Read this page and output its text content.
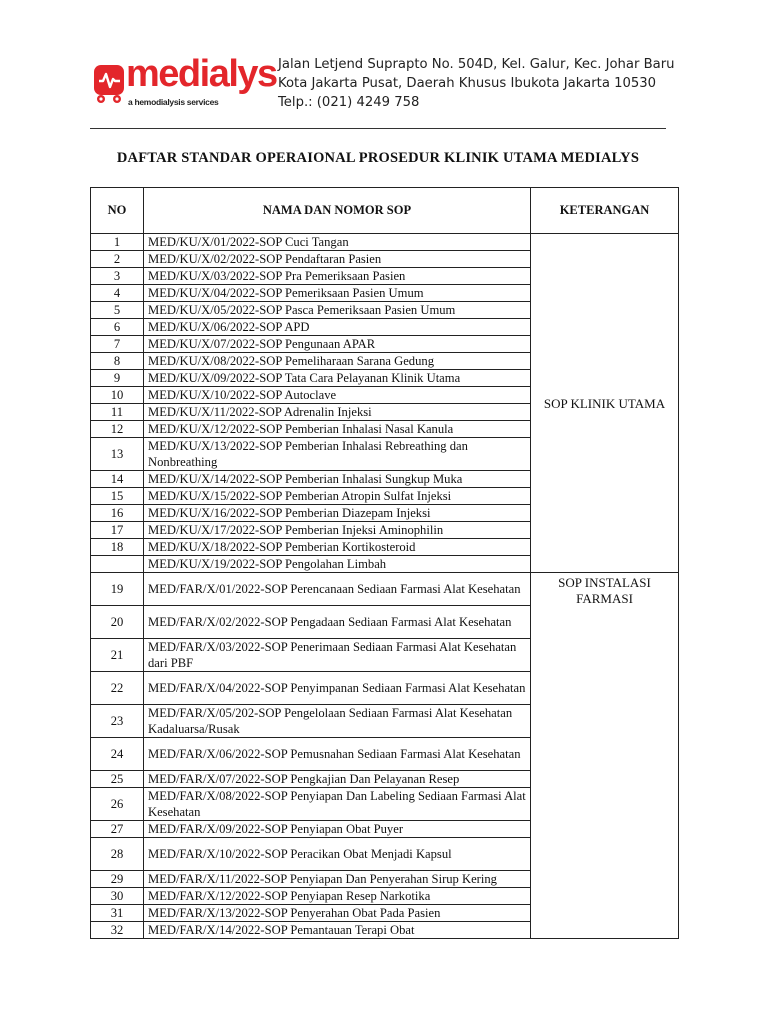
medialys
a hemodialysis services
Jalan Letjend Suprapto No. 504D, Kel. Galur, Kec. Johar Baru
Kota Jakarta Pusat, Daerah Khusus Ibukota Jakarta 10530
Telp.: (021) 4249 758
DAFTAR STANDAR OPERAIONAL PROSEDUR KLINIK UTAMA MEDIALYS
NO	NAMA DAN NOMOR SOP	KETERANGAN
1	MED/KU/X/01/2022-SOP Cuci Tangan	SOP KLINIK UTAMA
2	MED/KU/X/02/2022-SOP Pendaftaran Pasien	
3	MED/KU/X/03/2022-SOP Pra Pemeriksaan Pasien	
4	MED/KU/X/04/2022-SOP Pemeriksaan Pasien Umum	
5	MED/KU/X/05/2022-SOP Pasca Pemeriksaan Pasien Umum	
6	MED/KU/X/06/2022-SOP APD	
7	MED/KU/X/07/2022-SOP Pengunaan APAR	
8	MED/KU/X/08/2022-SOP Pemeliharaan Sarana Gedung	
9	MED/KU/X/09/2022-SOP Tata Cara Pelayanan Klinik Utama	
10	MED/KU/X/10/2022-SOP Autoclave	
11	MED/KU/X/11/2022-SOP Adrenalin Injeksi	
12	MED/KU/X/12/2022-SOP Pemberian Inhalasi Nasal Kanula	
13	MED/KU/X/13/2022-SOP Pemberian Inhalasi Rebreathing dan Nonbreathing	
14	MED/KU/X/14/2022-SOP Pemberian Inhalasi Sungkup Muka	
15	MED/KU/X/15/2022-SOP Pemberian Atropin Sulfat Injeksi	
16	MED/KU/X/16/2022-SOP Pemberian Diazepam Injeksi	
17	MED/KU/X/17/2022-SOP Pemberian Injeksi Aminophilin	
18	MED/KU/X/18/2022-SOP Pemberian Kortikosteroid	
	MED/KU/X/19/2022-SOP Pengolahan Limbah	
19	MED/FAR/X/01/2022-SOP Perencanaan Sediaan Farmasi Alat Kesehatan	SOP INSTALASI FARMASI
20	MED/FAR/X/02/2022-SOP Pengadaan Sediaan Farmasi Alat Kesehatan	
21	MED/FAR/X/03/2022-SOP Penerimaan Sediaan Farmasi Alat Kesehatan dari PBF	
22	MED/FAR/X/04/2022-SOP Penyimpanan Sediaan Farmasi Alat Kesehatan	
23	MED/FAR/X/05/202-SOP Pengelolaan Sediaan Farmasi Alat Kesehatan Kadaluarsa/Rusak	
24	MED/FAR/X/06/2022-SOP Pemusnahan Sediaan Farmasi Alat Kesehatan	
25	MED/FAR/X/07/2022-SOP Pengkajian Dan Pelayanan Resep	
26	MED/FAR/X/08/2022-SOP Penyiapan Dan Labeling Sediaan Farmasi Alat Kesehatan	
27	MED/FAR/X/09/2022-SOP Penyiapan Obat Puyer	
28	MED/FAR/X/10/2022-SOP Peracikan Obat Menjadi Kapsul	
29	MED/FAR/X/11/2022-SOP Penyiapan Dan Penyerahan Sirup Kering	
30	MED/FAR/X/12/2022-SOP Penyiapan Resep Narkotika	
31	MED/FAR/X/13/2022-SOP Penyerahan Obat Pada Pasien	
32	MED/FAR/X/14/2022-SOP Pemantauan Terapi Obat	
